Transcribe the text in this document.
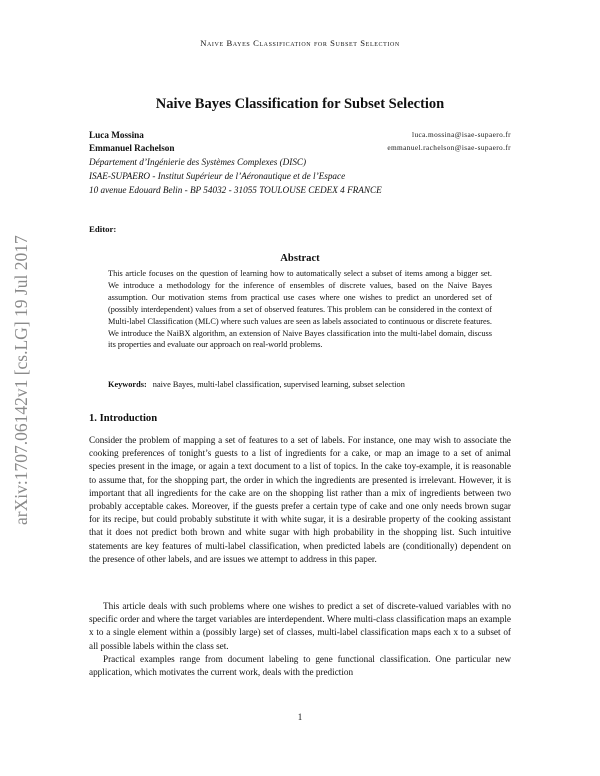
Naive Bayes Classification for Subset Selection
arXiv:1707.06142v1 [cs.LG] 19 Jul 2017
Naive Bayes Classification for Subset Selection
Luca Mossina	luca.mossina@isae-supaero.fr
Emmanuel Rachelson	emmanuel.rachelson@isae-supaero.fr
Département d’Ingénierie des Systèmes Complexes (DISC)
ISAE-SUPAERO - Institut Supérieur de l’Aéronautique et de l’Espace
10 avenue Edouard Belin - BP 54032 - 31055 TOULOUSE CEDEX 4 FRANCE
Editor:
Abstract

This article focuses on the question of learning how to automatically select a subset of items among a bigger set. We introduce a methodology for the inference of ensembles of discrete values, based on the Naive Bayes assumption. Our motivation stems from practical use cases where one wishes to predict an unordered set of (possibly interdependent) values from a set of observed features. This problem can be considered in the context of Multi-label Classification (MLC) where such values are seen as labels associated to continuous or discrete features. We introduce the NaiBX algorithm, an extension of Naive Bayes classification into the multi-label domain, discuss its properties and evaluate our approach on real-world problems.

Keywords: naive Bayes, multi-label classification, supervised learning, subset selection
1. Introduction

Consider the problem of mapping a set of features to a set of labels. For instance, one may wish to associate the cooking preferences of tonight’s guests to a list of ingredients for a cake, or map an image to a set of animal species present in the image, or again a text document to a list of topics. In the cake toy-example, it is reasonable to assume that, for the shopping part, the order in which the ingredients are presented is irrelevant. However, it is important that all ingredients for the cake are on the shopping list rather than a mix of ingredients between two probably acceptable cakes. Moreover, if the guests prefer a certain type of cake and one only needs brown sugar for its recipe, but could probably substitute it with white sugar, it is a desirable property of the cooking assistant that it does not predict both brown and white sugar with high probability in the shopping list. Such intuitive statements are key features of multi-label classification, when predicted labels are (conditionally) dependent on the presence of other labels, and are issues we attempt to address in this paper.

This article deals with such problems where one wishes to predict a set of discrete-valued variables with no specific order and where the target variables are interdependent. Where multi-class classification maps an example x to a single element within a (possibly large) set of classes, multi-label classification maps each x to a subset of all possible labels within the class set.

Practical examples range from document labeling to gene functional classification. One particular new application, which motivates the current work, deals with the prediction

1
